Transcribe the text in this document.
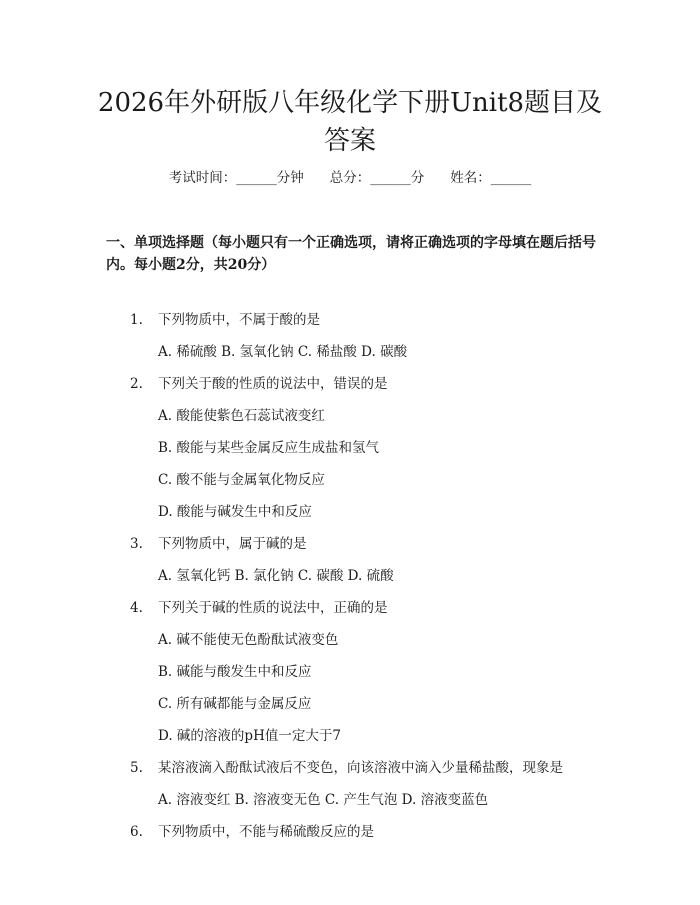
2026年外研版八年级化学下册Unit8题目及答案
考试时间：______分钟 总分：______分 姓名：______

一、单项选择题（每小题只有一个正确选项，请将正确选项的字母填在题后括号内。每小题2分，共20分）

1. 下列物质中，不属于酸的是
A. 稀硫酸 B. 氢氧化钠 C. 稀盐酸 D. 碳酸
2. 下列关于酸的性质的说法中，错误的是
A. 酸能使紫色石蕊试液变红
B. 酸能与某些金属反应生成盐和氢气
C. 酸不能与金属氧化物反应
D. 酸能与碱发生中和反应
3. 下列物质中，属于碱的是
A. 氢氧化钙 B. 氯化钠 C. 碳酸 D. 硫酸
4. 下列关于碱的性质的说法中，正确的是
A. 碱不能使无色酚酞试液变色
B. 碱能与酸发生中和反应
C. 所有碱都能与金属反应
D. 碱的溶液的pH值一定大于7
5. 某溶液滴入酚酞试液后不变色，向该溶液中滴入少量稀盐酸，现象是
A. 溶液变红 B. 溶液变无色 C. 产生气泡 D. 溶液变蓝色
6. 下列物质中，不能与稀硫酸反应的是
